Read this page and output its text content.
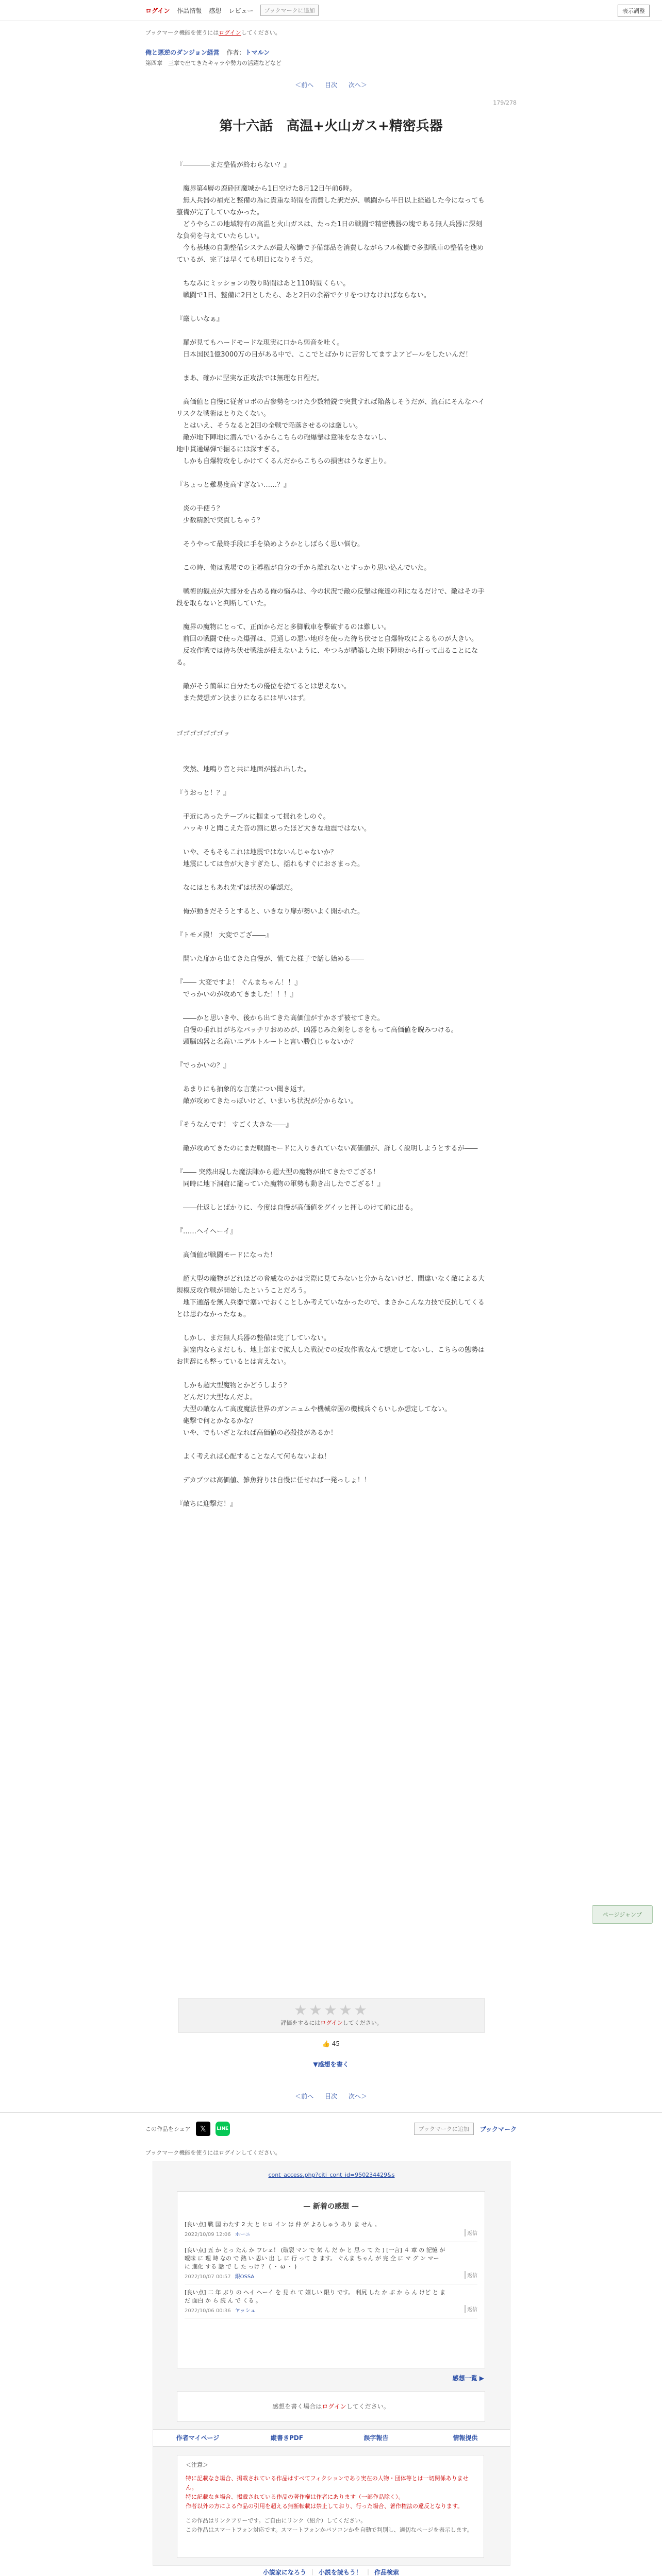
ログイン 作品情報 感想 レビュー	ブックマークに追加	表示調整
ブックマーク機能を使うにはログインしてください。
俺と悪逆のダンジョン経営 作者：トマルン
第四章　三章で出てきたキャラや勢力の活躍などなど
＜前へ 目次 次へ＞
179/278
第十六話　高温+火山ガス+精密兵器

『――――まだ整備が終わらない？』

　魔界第4層の鹿砕団魔城から1日空けた8月12日午前6時。

　無人兵器の補充と整備の為に貴重な時間を消費した訳だが、戦闘から半日以上経過した今になっても整備が完了していなかった。

　どうやらこの地域特有の高温と火山ガスは、たった1日の戦闘で精密機器の塊である無人兵器に深刻な負荷を与えていたらしい。

　今も基地の自動整備システムが最大稼働で予備部品を消費しながらフル稼働で多脚戦車の整備を進めているが、完了は早くても明日になりそうだ。

　ちなみにミッションの残り時間はあと110時間くらい。

　戦闘で1日、整備に2日としたら、あと2日の余裕でケリをつけなければならない。

『厳しいなぁ』

　羅が見てもハードモードな現実に口から弱音を吐く。

　日本国民1億3000万の目がある中で、ここでとばかりに苦労してますよアピールをしたいんだ！

　まあ、確かに堅実な正攻法では無理な日程だ。

　高価値と自慢に従者ロボの古参勢をつけた少数精鋭で突貫すれば陥落しそうだが、流石にそんなハイリスクな戦術はとりたくない。

　とはいえ、そうなると2回の全戦で陥落させるのは厳しい。

　敵が地下陣地に潜んでいるからこちらの砲爆撃は意味をなさないし、

地中貫通爆弾で掘るには深すぎる。

　しかも自爆特攻をしかけてくるんだからこちらの損害はうなぎ上り。

『ちょっと難易度高すぎない……？』

　炎の手使う？

　少数精鋭で突貫しちゃう？

　そうやって最終手段に手を染めようかとしばらく思い悩む。

　この時、俺は戦場での主導権が自分の手から離れないとすっかり思い込んでいた。

　戦術的観点が大部分を占める俺の悩みは、今の状況で敵の反撃は俺達の利になるだけで、敵はその手段を取らないと判断していた。

　魔界の魔物にとって、正面からだと多脚戦車を撃破するのは難しい。

　前回の戦闘で使った爆弾は、見通しの悪い地形を使った待ち伏せと自爆特攻によるものが大きい。

　反攻作戦では待ち伏せ戦法が使えないように、やつらが構築した地下陣地から打って出ることになる。

　敵がそう簡単に自分たちの優位を捨てるとは思えない。

　また焚想ガン決まりになるには早いはず。

ゴゴゴゴゴゴゴッ

　突然、地鳴り音と共に地面が揺れ出した。

『うおっと！？』

　手近にあったテーブルに掴まって揺れをしのぐ。

　ハッキリと聞こえた音の割に思ったほど大きな地震ではない。

　いや、そもそもこれは地震ではないんじゃないか？

　地震にしては音が大きすぎたし、揺れもすぐにおさまった。

　なにはともあれ先ずは状況の確認だ。

　俺が動きだそうとすると、いきなり扉が勢いよく開かれた。

『トモメ殿！ 大変でござ――』

　開いた扉から出てきた自慢が、慌てた様子で話し始める――

『―― 大変ですよ！ ぐんまちゃん！！』

　でっかいのが攻めてきました！！！』

　――かと思いきや、後から出てきた高価値がすかさず被せてきた。

　自慢の垂れ目がちなパッチリおめめが、凶器じみた剣をしさをもって高価値を睨みつける。

　頭脳凶器と名高いエデルトルートと言い勝負じゃないか？

『でっかいの？』

　あまりにも抽象的な言葉につい聞き返す。

　敵が攻めてきたっぽいけど、いまいち状況が分からない。

『そうなんです！ すごく大きな――』

　敵が攻めてきたのにまだ戦闘モードに入りきれていない高価値が、詳しく説明しようとするが――

『―― 突然出現した魔法陣から超大型の魔物が出てきたでござる！

　同時に地下洞窟に籠っていた魔物の軍勢も動き出したでござる！』

　――仕返しとばかりに、今度は自慢が高価値をグイッと押しのけて前に出る。

『……ヘイヘーイ』

　高価値が戦闘モードになった！

　超大型の魔物がどれほどの脅威なのかは実際に見てみないと分からないけど、間違いなく敵による大規模反攻作戦が開始したということだろう。

　地下通路を無人兵器で塞いでおくことしか考えていなかったので、まさかこんな力技で反抗してくるとは思わなかったなぁ。

　しかし、まだ無人兵器の整備は完了していない。

　洞窟内ならまだしも、地上部まで拡大した戦況での反攻作戦なんて想定してないし、こちらの態勢はお世辞にも整っているとは言えない。

　しかも超大型魔物とかどうしよう？

　どんだけ大型なんだよ。

　大型の敵なんて高度魔法世界のガンニュムや機械帝国の機械兵ぐらいしか想定してない。

　砲撃で何とかなるかな？

　いや、でもいざとなれば高価値の必殺技があるか！

　よく考えれば心配することなんて何もないよね！

　デカブツは高価値、雑魚狩りは自慢に任せれば一発っしょ！！

『敵ちに迎撃だ！』

ページジャンプ
★★★★★
評価をするにはログインしてください。
👍 45
▼感想を書く
＜前へ 目次 次へ＞
この作品をシェア	𝕏	LINE	ブックマークに追加	ブックマーク
ブックマーク機能を使うにはログインしてください。
cont_access.php?citi_cont_id=950234429&s
— 新着の感想 —
[良い点] 戦 国 わたす 2 大 と ヒロ イン は 仲 が よろしゅう あり ま せん 。
2022/10/09 12:06 ホーニ	返信
[良い点] 五 か とっ たん か ワレェ！ (破裂 マン で 気 ん だ か と 思っ て た ) [一言] ４ 章 の 記憶 が 曖昧 に 理 時 なの で 熱 い 思い 出 し に 行 って き ます。 ぐんま ちゃん が 完 全 に マ グ ン マー に 進化 する 話 で し た っけ ？ ( ・ ω ・ )
2022/10/07 00:57 銀OSSA	返信
[良い点] 二 年 ぶり の ヘイ ヘーイ を 見 れ て 嬉しい 限り です。 利尻 した か ぶ か ら ん けど と まだ 面白 か ら 読 ん で くる 。
2022/10/06 00:36 ヤッシュ	返信
感想一覧 ▶
感想を書く場合はログインしてください。
作者マイページ	縦書きPDF	誤字報告	情報提供
＜注意＞
特に記載なき場合、掲載されている作品はすべてフィクションであり実在の人物・団体等とは一切関係ありません。
特に記載なき場合、掲載されている作品の著作権は作者にあります（一部作品除く）。
作者以外の方による作品の引用を超える無断転載は禁止しており、行った場合、著作権法の違反となります。
この作品はリンクフリーです。ご自由にリンク（紹介）してください。
この作品はスマートフォン対応です。スマートフォンかパソコンかを自動で判別し、適切なページを表示します。
小説家になろう ｜ 小説を読もう！ ｜ 作品検索
